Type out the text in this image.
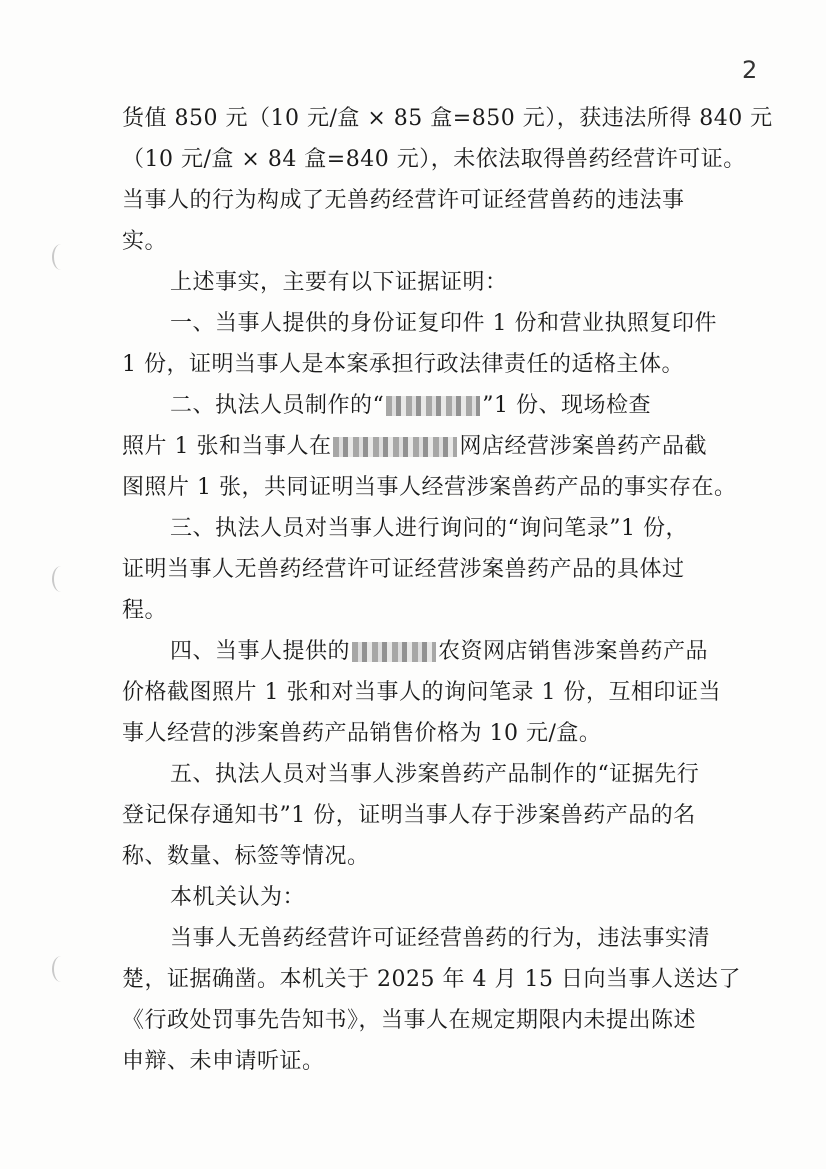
2
货值 850 元（10 元/盒 × 85 盒=850 元），获违法所得 840 元
（10 元/盒 × 84 盒=840 元），未依法取得兽药经营许可证。
当事人的行为构成了无兽药经营许可证经营兽药的违法事
实。
上述事实，主要有以下证据证明：
一、当事人提供的身份证复印件 1 份和营业执照复印件
1 份，证明当事人是本案承担行政法律责任的适格主体。
二、执法人员制作的“	”1 份、现场检查
照片 1 张和当事人在	网店经营涉案兽药产品截
图照片 1 张，共同证明当事人经营涉案兽药产品的事实存在。
三、执法人员对当事人进行询问的“询问笔录”1 份，
证明当事人无兽药经营许可证经营涉案兽药产品的具体过
程。
四、当事人提供的	农资网店销售涉案兽药产品
价格截图照片 1 张和对当事人的询问笔录 1 份，互相印证当
事人经营的涉案兽药产品销售价格为 10 元/盒。
五、执法人员对当事人涉案兽药产品制作的“证据先行
登记保存通知书”1 份，证明当事人存于涉案兽药产品的名
称、数量、标签等情况。
本机关认为：
当事人无兽药经营许可证经营兽药的行为，违法事实清
楚，证据确凿。本机关于 2025 年 4 月 15 日向当事人送达了
《行政处罚事先告知书》，当事人在规定期限内未提出陈述
申辩、未申请听证。
